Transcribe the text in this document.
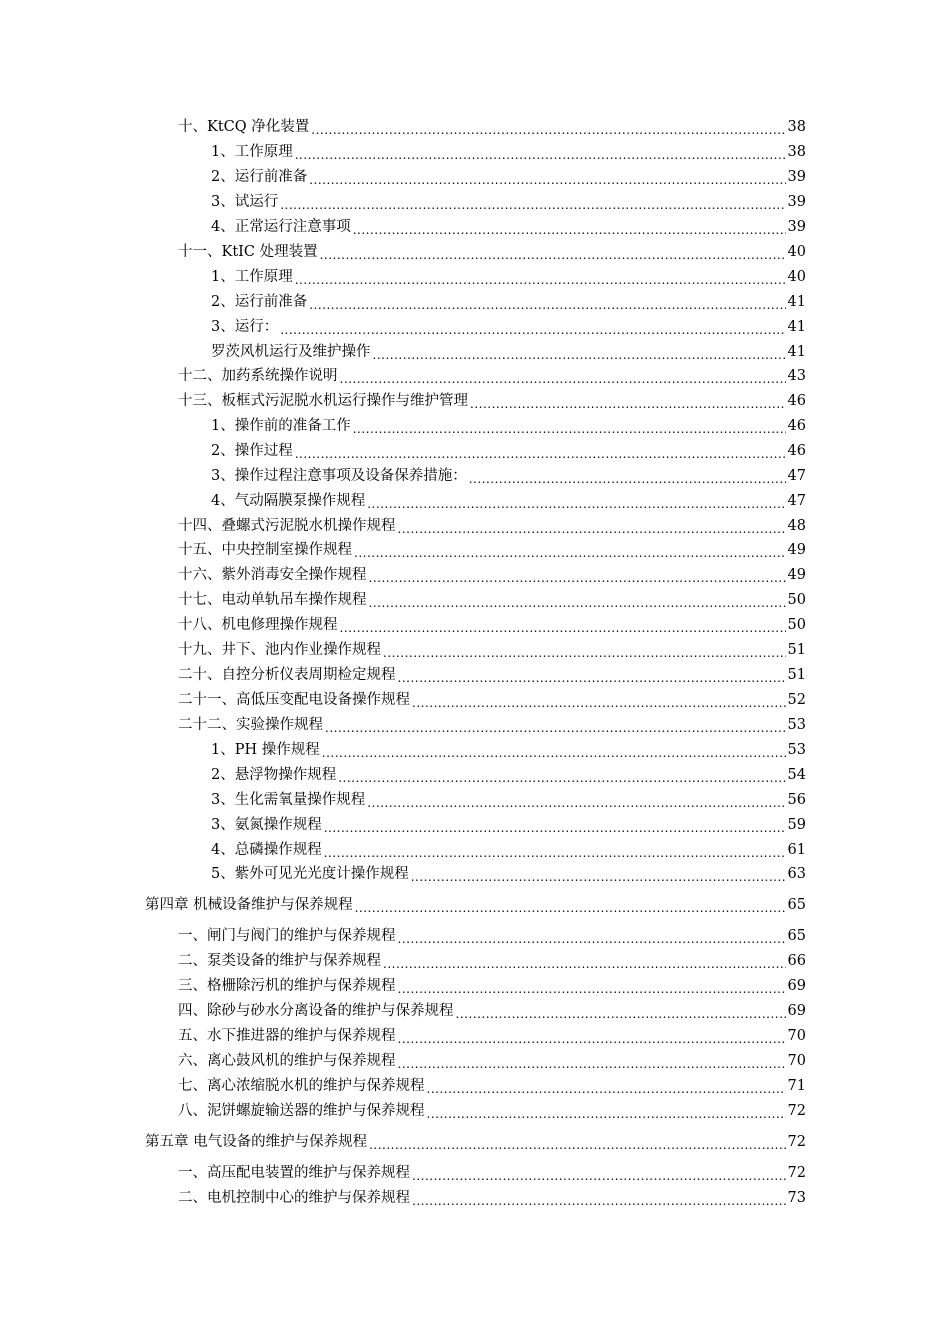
十、KtCQ 净化装置 .....	38
1、工作原理 .....	38
2、运行前准备 .....	39
3、试运行 .....	39
4、正常运行注意事项 .....	39
十一、KtIC 处理装置 .....	40
1、工作原理 .....	40
2、运行前准备 .....	41
3、运行： .....	41
罗茨风机运行及维护操作 .....	41
十二、加药系统操作说明 .....	43
十三、板框式污泥脱水机运行操作与维护管理 .....	46
1、操作前的准备工作 .....	46
2、操作过程 .....	46
3、操作过程注意事项及设备保养措施： .....	47
4、气动隔膜泵操作规程 .....	47
十四、叠螺式污泥脱水机操作规程 .....	48
十五、中央控制室操作规程 .....	49
十六、紫外消毒安全操作规程 .....	49
十七、电动单轨吊车操作规程 .....	50
十八、机电修理操作规程 .....	50
十九、井下、池内作业操作规程 .....	51
二十、自控分析仪表周期检定规程 .....	51
二十一、高低压变配电设备操作规程 .....	52
二十二、实验操作规程 .....	53
1、PH 操作规程 .....	53
2、悬浮物操作规程 .....	54
3、生化需氧量操作规程 .....	56
3、氨氮操作规程 .....	59
4、总磷操作规程 .....	61
5、紫外可见光光度计操作规程 .....	63
第四章 机械设备维护与保养规程 .....	65
一、闸门与阀门的维护与保养规程 .....	65
二、泵类设备的维护与保养规程 .....	66
三、格栅除污机的维护与保养规程 .....	69
四、除砂与砂水分离设备的维护与保养规程 .....	69
五、水下推进器的维护与保养规程 .....	70
六、离心鼓风机的维护与保养规程 .....	70
七、离心浓缩脱水机的维护与保养规程 .....	71
八、泥饼螺旋输送器的维护与保养规程 .....	72
第五章 电气设备的维护与保养规程 .....	72
一、高压配电装置的维护与保养规程 .....	72
二、电机控制中心的维护与保养规程 .....	73
